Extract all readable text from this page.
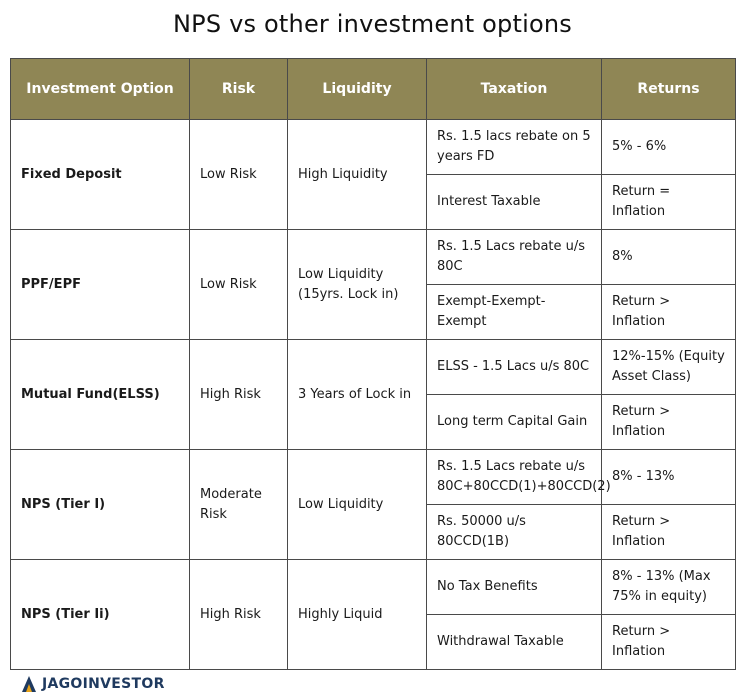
NPS vs other investment options
Investment Option	Risk	Liquidity	Taxation	Returns
Fixed Deposit	Low Risk	High Liquidity	Rs. 1.5 lacs rebate on 5 years FD	5% - 6%
			Interest Taxable	Return = Inflation
PPF/EPF	Low Risk	Low Liquidity (15yrs. Lock in)	Rs. 1.5 Lacs rebate u/s 80C	8%
			Exempt-Exempt-Exempt	Return > Inflation
Mutual Fund(ELSS)	High Risk	3 Years of Lock in	ELSS - 1.5 Lacs u/s 80C	12%-15% (Equity Asset Class)
			Long term Capital Gain	Return > Inflation
NPS (Tier I)	Moderate Risk	Low Liquidity	Rs. 1.5 Lacs rebate u/s 80C+80CCD(1)+80CCD(2)	8% - 13%
			Rs. 50000 u/s 80CCD(1B)	Return > Inflation
NPS (Tier Ii)	High Risk	Highly Liquid	No Tax Benefits	8% - 13% (Max 75% in equity)
			Withdrawal Taxable	Return > Inflation
JAGOINVESTOR
